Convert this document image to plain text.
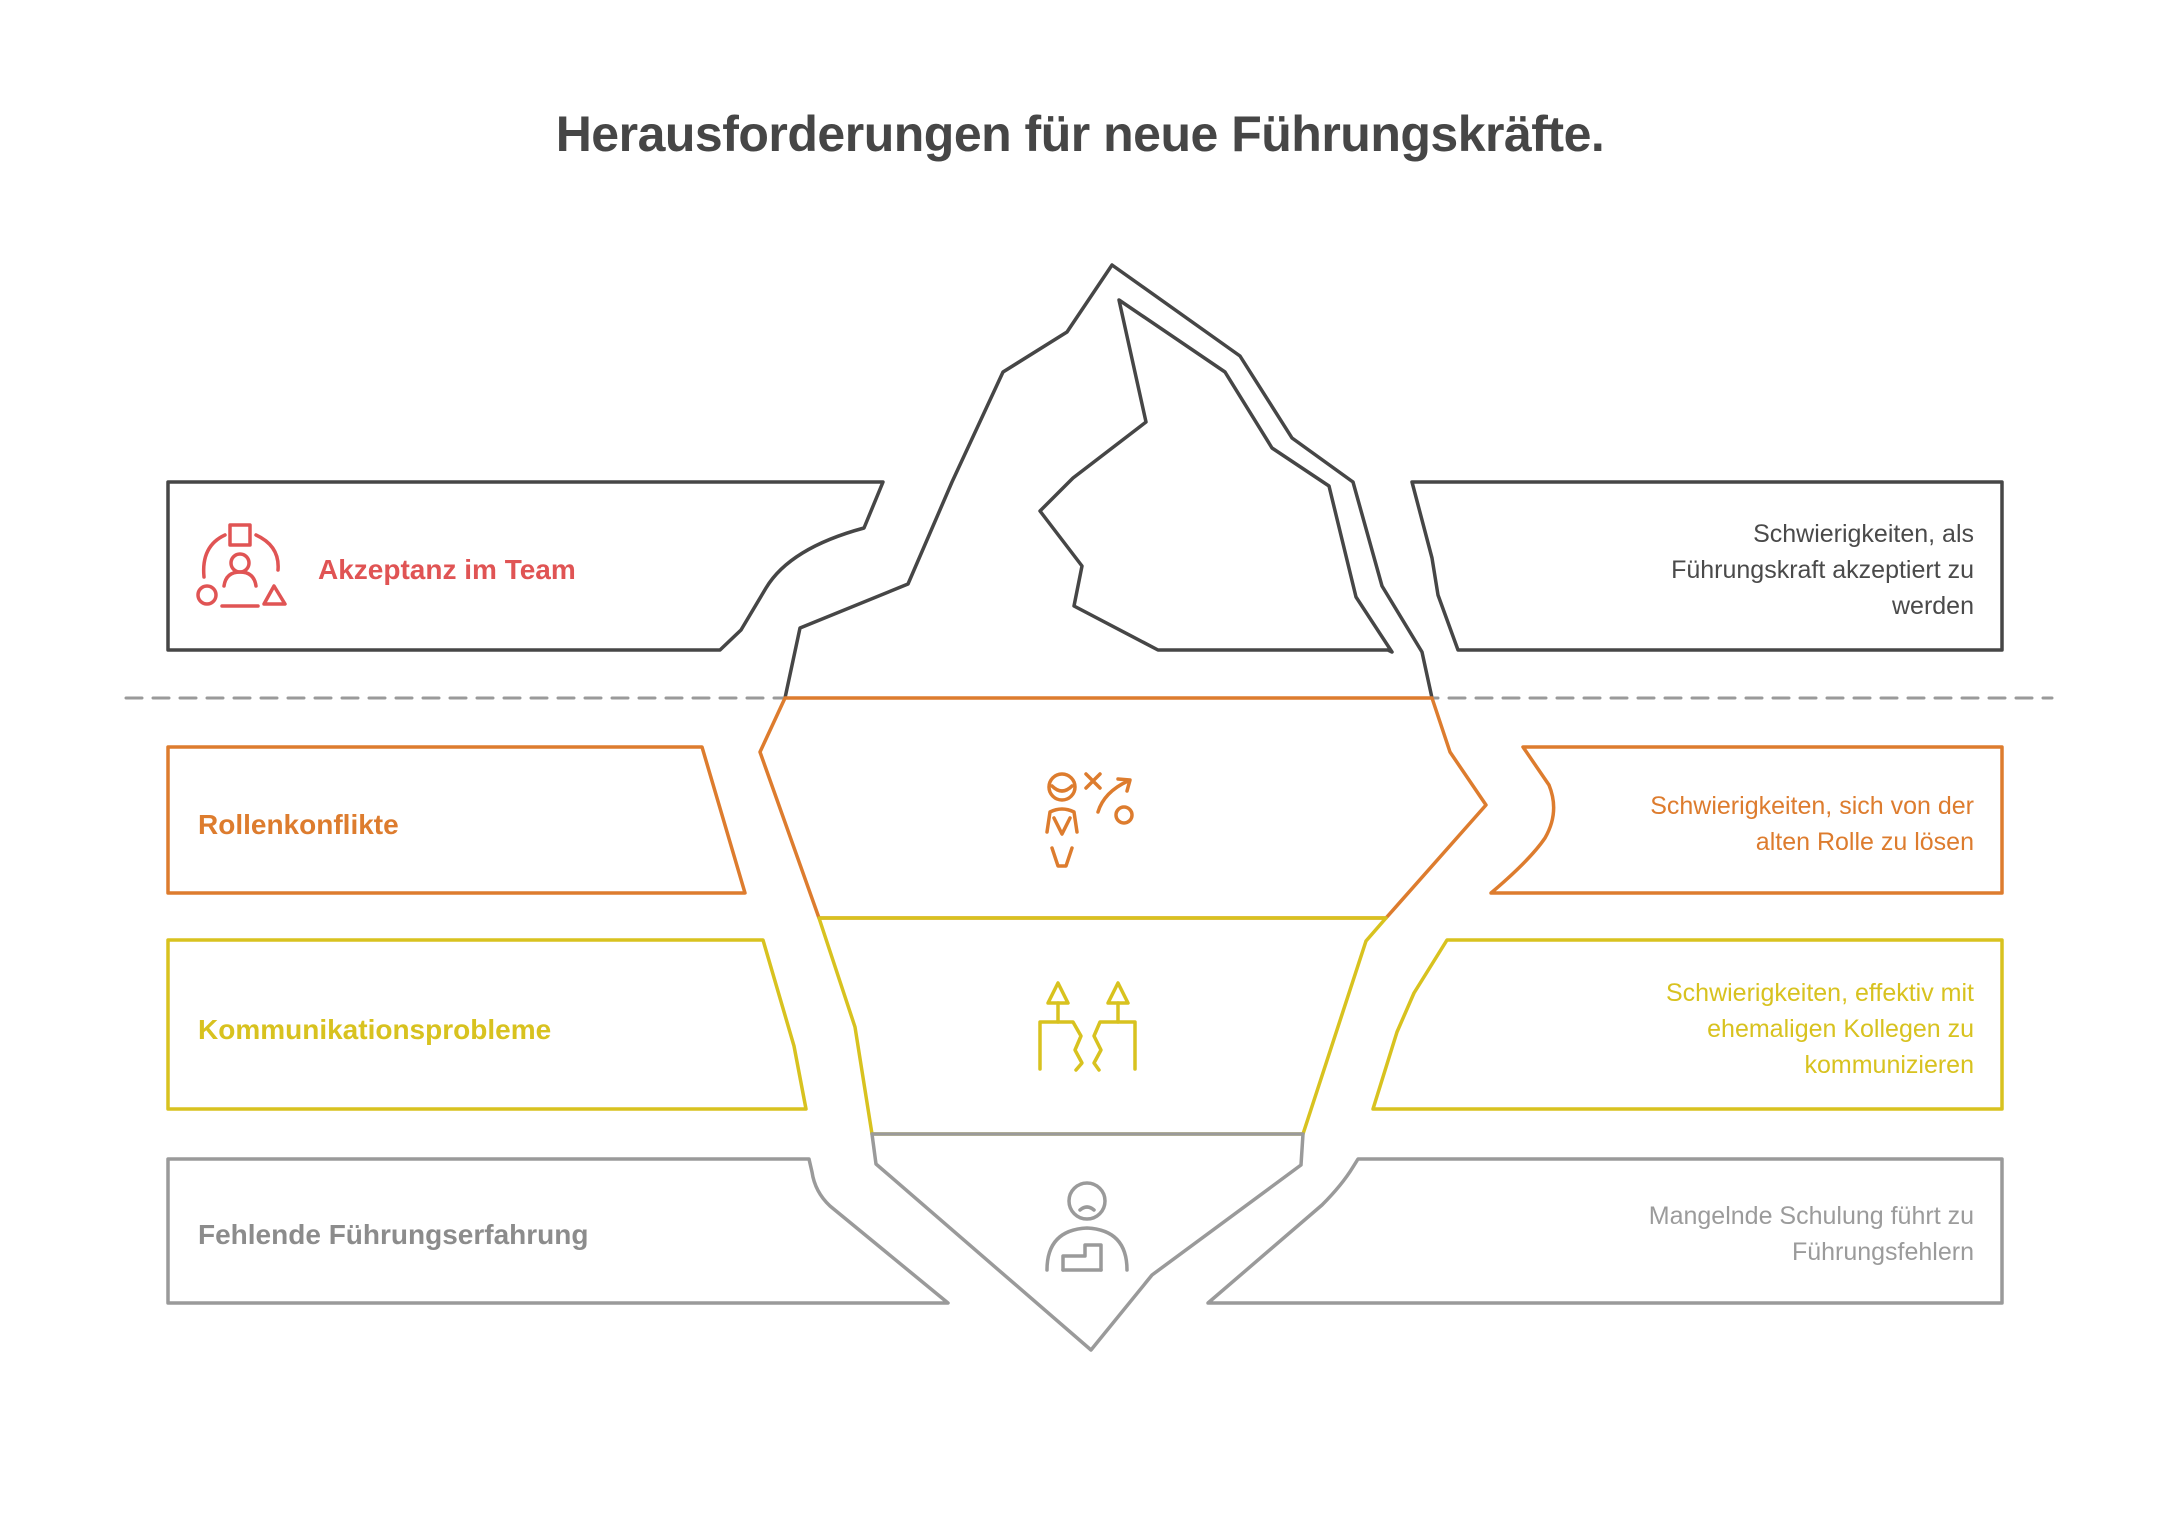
Herausforderungen für neue Führungskräfte.
Akzeptanz im Team
Rollenkonflikte
Kommunikationsprobleme
Fehlende Führungserfahrung
Schwierigkeiten, als
Führungskraft akzeptiert zu
werden
Schwierigkeiten, sich von der
alten Rolle zu lösen
Schwierigkeiten, effektiv mit
ehemaligen Kollegen zu
kommunizieren
Mangelnde Schulung führt zu
Führungsfehlern
